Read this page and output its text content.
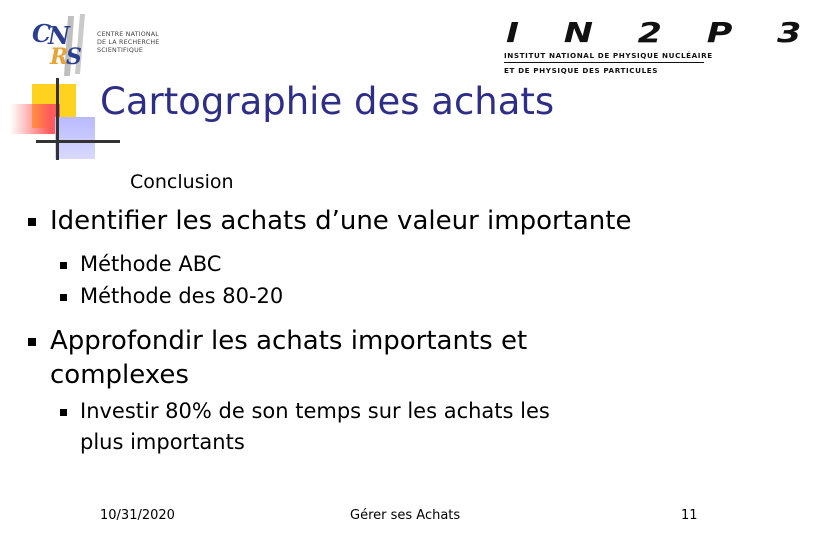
C
N
R
S
CENTRE NATIONAL
DE LA RECHERCHE
SCIENTIFIQUE
I N 2 P 3
INSTITUT NATIONAL DE PHYSIQUE NUCLÉAIRE
ET DE PHYSIQUE DES PARTICULES
Cartographie des achats
Conclusion
Identifier les achats d’une valeur importante
Méthode ABC
Méthode des 80-20
Approfondir les achats importants et
complexes
Investir 80% de son temps sur les achats les
plus importants
10/31/2020	Gérer ses Achats	11
